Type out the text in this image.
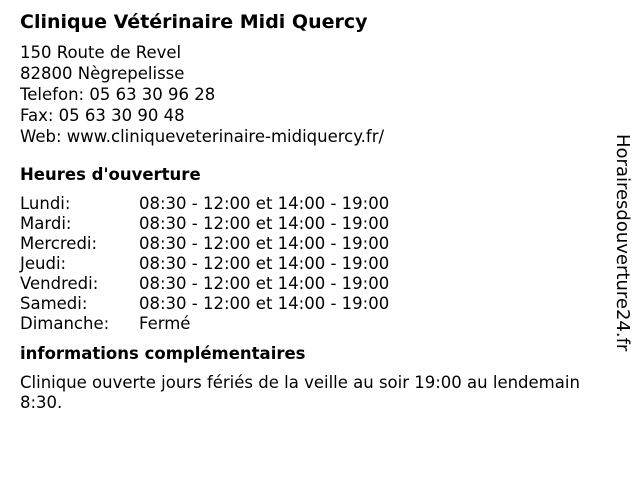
Clinique Vétérinaire Midi Quercy
150 Route de Revel
82800 Nègrepelisse
Telefon: 05 63 30 96 28
Fax: 05 63 30 90 48
Web: www.cliniqueveterinaire-midiquercy.fr/
Heures d'ouverture
Lundi:	08:30 - 12:00 et 14:00 - 19:00
Mardi:	08:30 - 12:00 et 14:00 - 19:00
Mercredi:	08:30 - 12:00 et 14:00 - 19:00
Jeudi:	08:30 - 12:00 et 14:00 - 19:00
Vendredi:	08:30 - 12:00 et 14:00 - 19:00
Samedi:	08:30 - 12:00 et 14:00 - 19:00
Dimanche:	Fermé
informations complémentaires
Clinique ouverte jours fériés de la veille au soir 19:00 au lendemain 8:30.
Horairesdouverture24.fr
